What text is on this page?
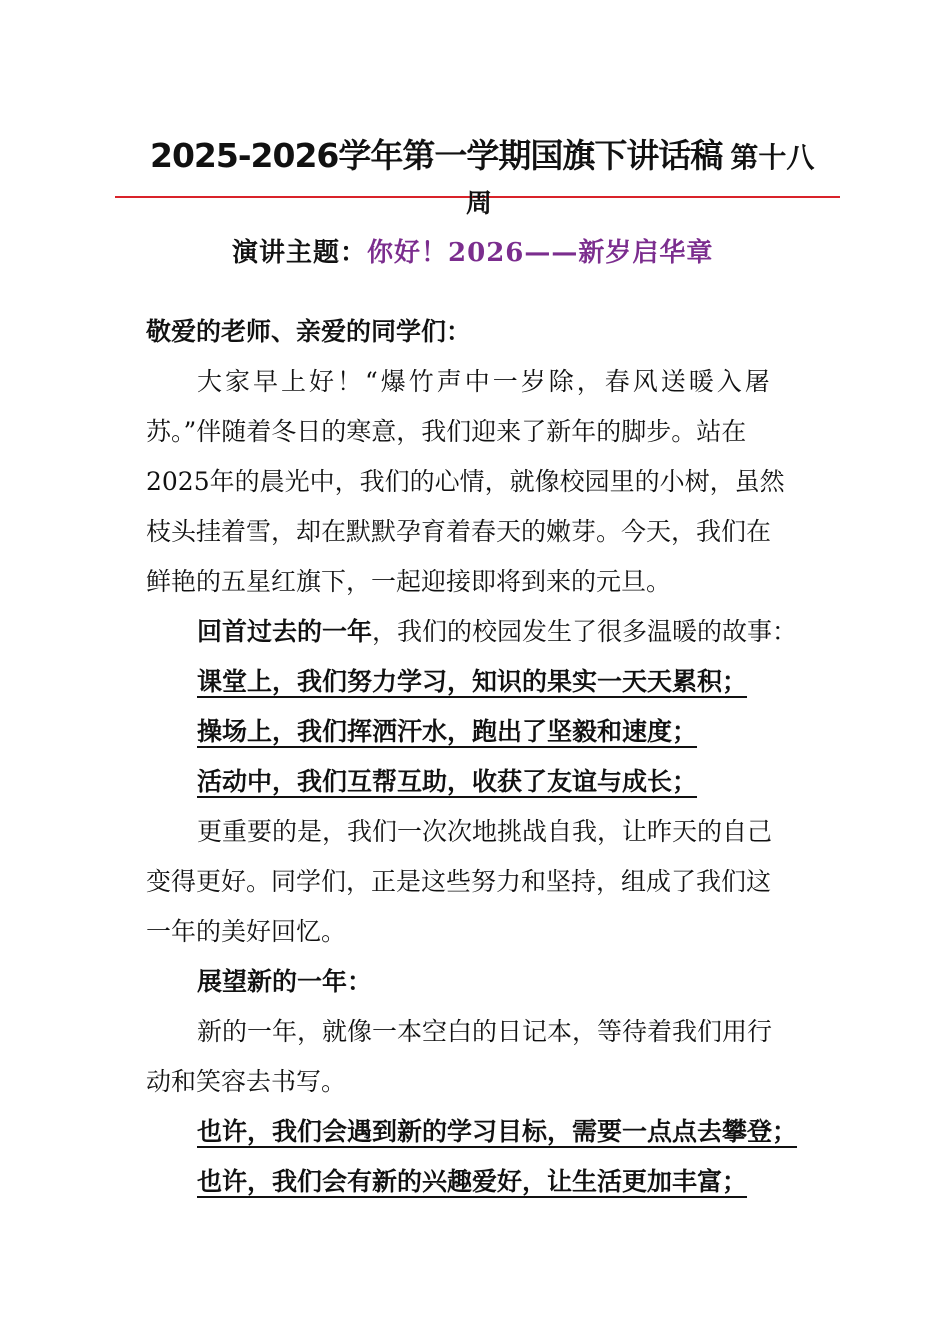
2025-2026学年第一学期国旗下讲话稿 第十八
周
演讲主题：你好！2026——新岁启华章
敬爱的老师、亲爱的同学们：
大家早上好！“爆竹声中一岁除，春风送暖入屠
苏。”伴随着冬日的寒意，我们迎来了新年的脚步。站在
2025年的晨光中，我们的心情，就像校园里的小树，虽然
枝头挂着雪，却在默默孕育着春天的嫩芽。今天，我们在
鲜艳的五星红旗下，一起迎接即将到来的元旦。
回首过去的一年，我们的校园发生了很多温暖的故事：
课堂上，我们努力学习，知识的果实一天天累积；
操场上，我们挥洒汗水，跑出了坚毅和速度；
活动中，我们互帮互助，收获了友谊与成长；
更重要的是，我们一次次地挑战自我，让昨天的自己
变得更好。同学们，正是这些努力和坚持，组成了我们这
一年的美好回忆。
展望新的一年：
新的一年，就像一本空白的日记本，等待着我们用行
动和笑容去书写。
也许，我们会遇到新的学习目标，需要一点点去攀登；
也许，我们会有新的兴趣爱好，让生活更加丰富；
